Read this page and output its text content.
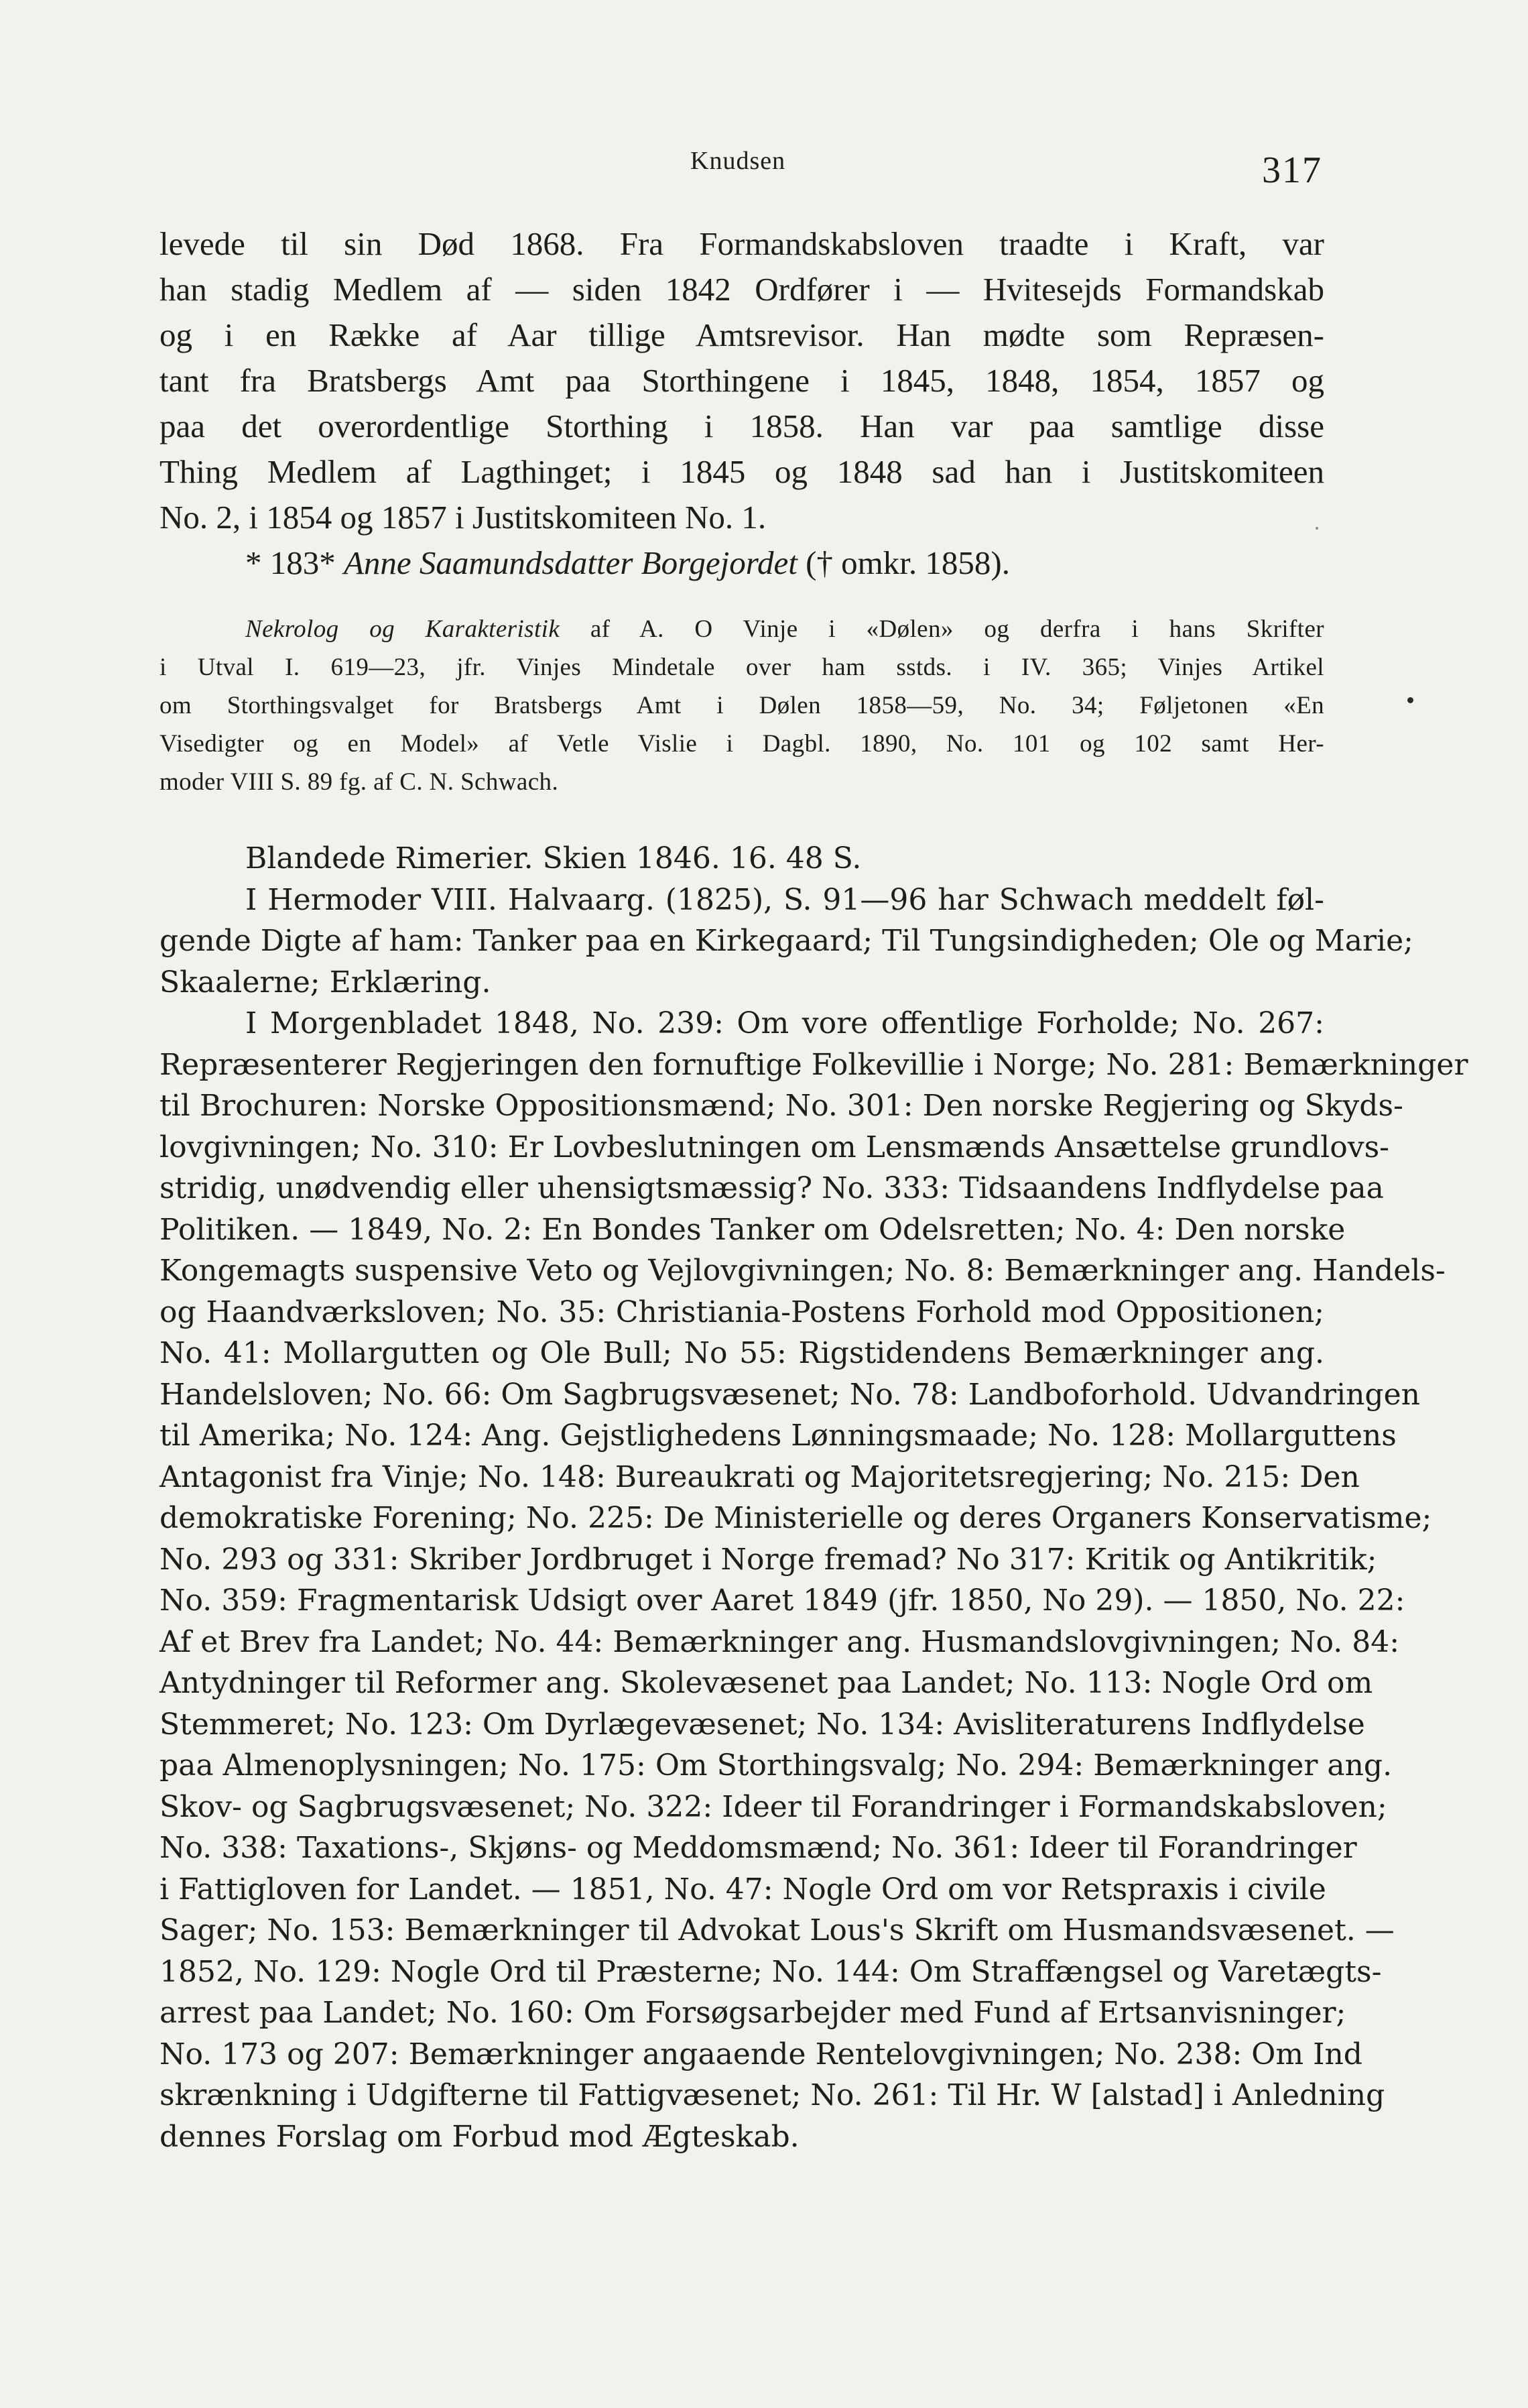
Knudsen	317
levede til sin Død 1868. Fra Formandskabsloven traadte i Kraft, var
han stadig Medlem af — siden 1842 Ordfører i — Hvitesejds Formandskab
og i en Række af Aar tillige Amtsrevisor. Han mødte som Repræsen-
tant fra Bratsbergs Amt paa Storthingene i 1845, 1848, 1854, 1857 og
paa det overordentlige Storthing i 1858. Han var paa samtlige disse
Thing Medlem af Lagthinget; i 1845 og 1848 sad han i Justitskomiteen
No. 2, i 1854 og 1857 i Justitskomiteen No. 1.
* 183* Anne Saamundsdatter Borgejordet († omkr. 1858).
Nekrolog og Karakteristik af A. O Vinje i «Dølen» og derfra i hans Skrifter
i Utval I. 619—23, jfr. Vinjes Mindetale over ham sstds. i IV. 365; Vinjes Artikel
om Storthingsvalget for Bratsbergs Amt i Dølen 1858—59, No. 34; Føljetonen «En
Visedigter og en Model» af Vetle Vislie i Dagbl. 1890, No. 101 og 102 samt Her-
moder VIII S. 89 fg. af C. N. Schwach.
Blandede Rimerier. Skien 1846. 16. 48 S.
I Hermoder VIII. Halvaarg. (1825), S. 91—96 har Schwach meddelt føl-
gende Digte af ham: Tanker paa en Kirkegaard; Til Tungsindigheden; Ole og Marie;
Skaalerne; Erklæring.
I Morgenbladet 1848, No. 239: Om vore offentlige Forholde; No. 267:
Repræsenterer Regjeringen den fornuftige Folkevillie i Norge; No. 281: Bemærkninger
til Brochuren: Norske Oppositionsmænd; No. 301: Den norske Regjering og Skyds-
lovgivningen; No. 310: Er Lovbeslutningen om Lensmænds Ansættelse grundlovs-
stridig, unødvendig eller uhensigtsmæssig? No. 333: Tidsaandens Indflydelse paa
Politiken. — 1849, No. 2: En Bondes Tanker om Odelsretten; No. 4: Den norske
Kongemagts suspensive Veto og Vejlovgivningen; No. 8: Bemærkninger ang. Handels-
og Haandværksloven; No. 35: Christiania-Postens Forhold mod Oppositionen;
No. 41: Mollargutten og Ole Bull; No 55: Rigstidendens Bemærkninger ang.
Handelsloven; No. 66: Om Sagbrugsvæsenet; No. 78: Landboforhold. Udvandringen
til Amerika; No. 124: Ang. Gejstlighedens Lønningsmaade; No. 128: Mollarguttens
Antagonist fra Vinje; No. 148: Bureaukrati og Majoritetsregjering; No. 215: Den
demokratiske Forening; No. 225: De Ministerielle og deres Organers Konservatisme;
No. 293 og 331: Skriber Jordbruget i Norge fremad? No 317: Kritik og Antikritik;
No. 359: Fragmentarisk Udsigt over Aaret 1849 (jfr. 1850, No 29). — 1850, No. 22:
Af et Brev fra Landet; No. 44: Bemærkninger ang. Husmandslovgivningen; No. 84:
Antydninger til Reformer ang. Skolevæsenet paa Landet; No. 113: Nogle Ord om
Stemmeret; No. 123: Om Dyrlægevæsenet; No. 134: Avisliteraturens Indflydelse
paa Almenoplysningen; No. 175: Om Storthingsvalg; No. 294: Bemærkninger ang.
Skov- og Sagbrugsvæsenet; No. 322: Ideer til Forandringer i Formandskabsloven;
No. 338: Taxations-, Skjøns- og Meddomsmænd; No. 361: Ideer til Forandringer
i Fattigloven for Landet. — 1851, No. 47: Nogle Ord om vor Retspraxis i civile
Sager; No. 153: Bemærkninger til Advokat Lous's Skrift om Husmandsvæsenet. —
1852, No. 129: Nogle Ord til Præsterne; No. 144: Om Straffængsel og Varetægts-
arrest paa Landet; No. 160: Om Forsøgsarbejder med Fund af Ertsanvisninger;
No. 173 og 207: Bemærkninger angaaende Rentelovgivningen; No. 238: Om Ind
skrænkning i Udgifterne til Fattigvæsenet; No. 261: Til Hr. W [alstad] i Anledning
dennes Forslag om Forbud mod Ægteskab.
